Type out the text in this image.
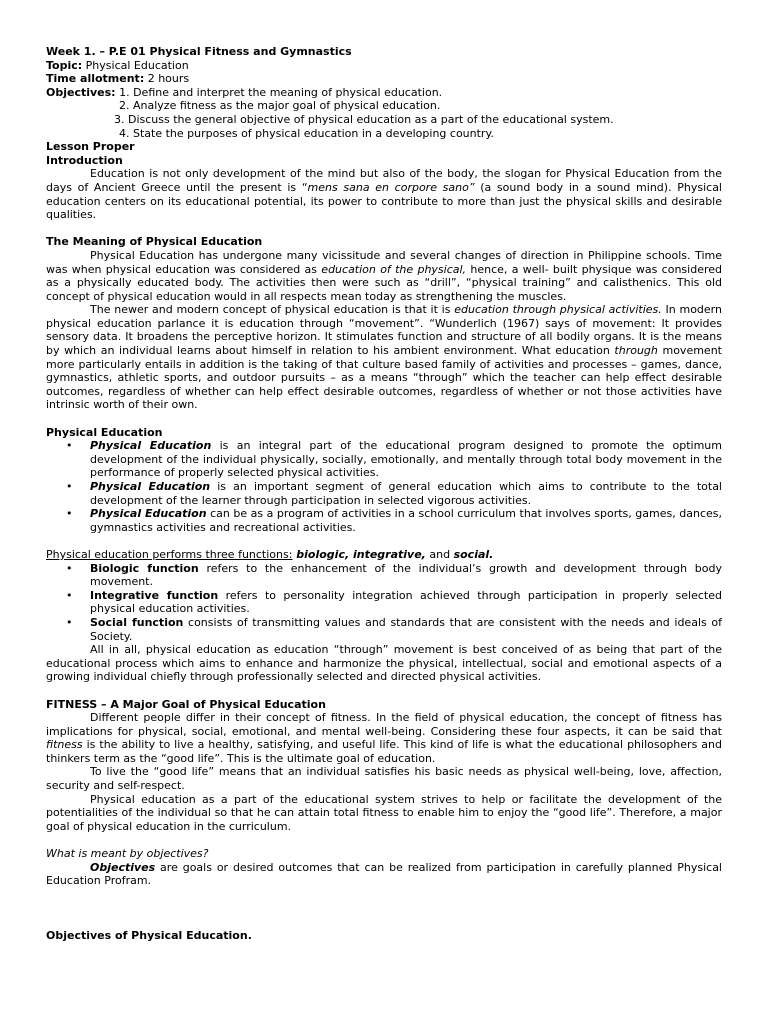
Week 1. – P.E 01 Physical Fitness and Gymnastics

Topic: Physical Education

Time allotment: 2 hours

Objectives: 1. Define and interpret the meaning of physical education.

2. Analyze fitness as the major goal of physical education.

3. Discuss the general objective of physical education as a part of the educational system.

4. State the purposes of physical education in a developing country.

Lesson Proper

Introduction

Education is not only development of the mind but also of the body, the slogan for Physical Education from the days of Ancient Greece until the present is “mens sana en corpore sano” (a sound body in a sound mind). Physical education centers on its educational potential, its power to contribute to more than just the physical skills and desirable qualities.

The Meaning of Physical Education

Physical Education has undergone many vicissitude and several changes of direction in Philippine schools. Time was when physical education was considered as education of the physical, hence, a well- built physique was considered as a physically educated body. The activities then were such as “drill”, “physical training” and calisthenics. This old concept of physical education would in all respects mean today as strengthening the muscles.

The newer and modern concept of physical education is that it is education through physical activities. In modern physical education parlance it is education through “movement”. “Wunderlich (1967) says of movement: It provides sensory data. It broadens the perceptive horizon. It stimulates function and structure of all bodily organs. It is the means by which an individual learns about himself in relation to his ambient environment. What education through movement more particularly entails in addition is the taking of that culture based family of activities and processes – games, dance, gymnastics, athletic sports, and outdoor pursuits – as a means “through” which the teacher can help effect desirable outcomes, regardless of whether can help effect desirable outcomes, regardless of whether or not those activities have intrinsic worth of their own.

Physical Education

• Physical Education is an integral part of the educational program designed to promote the optimum development of the individual physically, socially, emotionally, and mentally through total body movement in the performance of properly selected physical activities.
• Physical Education is an important segment of general education which aims to contribute to the total development of the learner through participation in selected vigorous activities.
• Physical Education can be as a program of activities in a school curriculum that involves sports, games, dances, gymnastics activities and recreational activities.

Physical education performs three functions: biologic, integrative, and social.

• Biologic function refers to the enhancement of the individual’s growth and development through body movement.
• Integrative function refers to personality integration achieved through participation in properly selected physical education activities.
• Social function consists of transmitting values and standards that are consistent with the needs and ideals of Society.

All in all, physical education as education “through” movement is best conceived of as being that part of the educational process which aims to enhance and harmonize the physical, intellectual, social and emotional aspects of a growing individual chiefly through professionally selected and directed physical activities.

FITNESS – A Major Goal of Physical Education

Different people differ in their concept of fitness. In the field of physical education, the concept of fitness has implications for physical, social, emotional, and mental well-being. Considering these four aspects, it can be said that fitness is the ability to live a healthy, satisfying, and useful life. This kind of life is what the educational philosophers and thinkers term as the “good life”. This is the ultimate goal of education.

To live the “good life” means that an individual satisfies his basic needs as physical well-being, love, affection, security and self-respect.

Physical education as a part of the educational system strives to help or facilitate the development of the potentialities of the individual so that he can attain total fitness to enable him to enjoy the “good life”. Therefore, a major goal of physical education in the curriculum.

What is meant by objectives?

Objectives are goals or desired outcomes that can be realized from participation in carefully planned Physical Education Profram.

Objectives of Physical Education.
